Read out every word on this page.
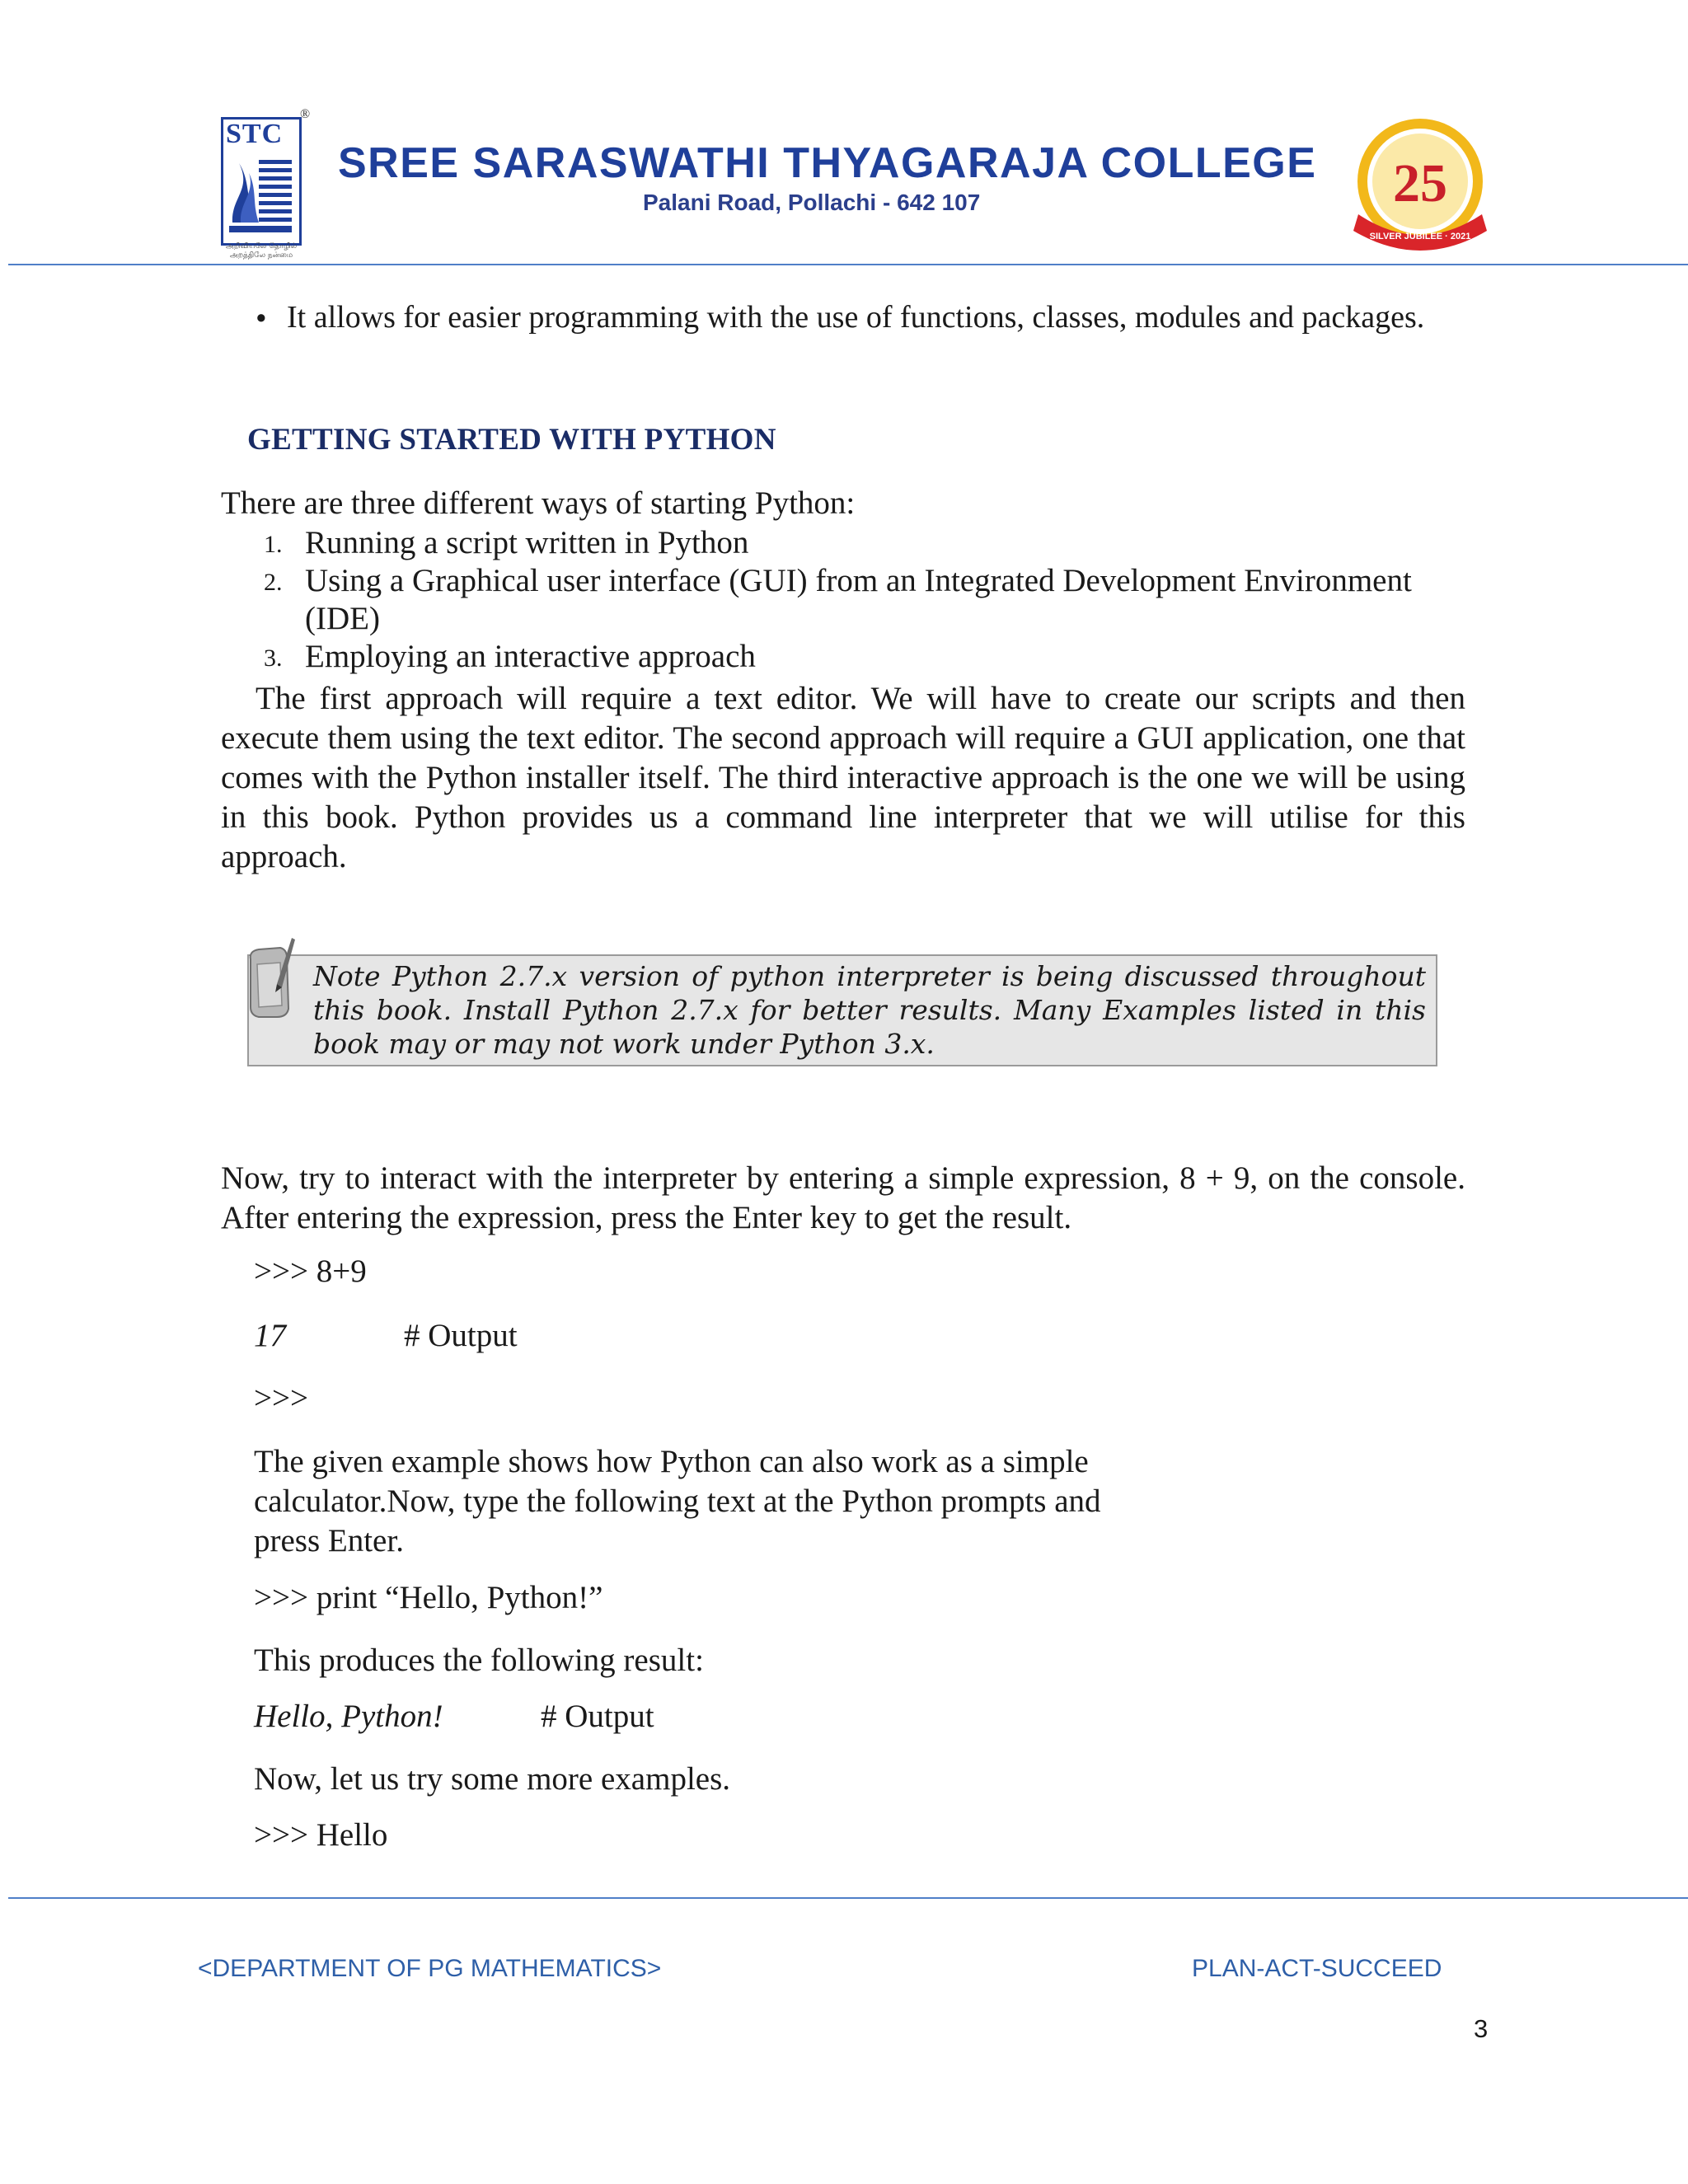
STC
®
அறிவியலே தொழில் அறத்திலே நன்மை
SREE SARASWATHI THYAGARAJA COLLEGE
Palani Road, Pollachi - 642 107	25
SILVER JUBILEE · 2021
• It allows for easier programming with the use of functions, classes, modules and packages.
GETTING STARTED WITH PYTHON
There are three different ways of starting Python:
1. Running a script written in Python
2. Using a Graphical user interface (GUI) from an Integrated Development Environment (IDE)
3. Employing an interactive approach
The first approach will require a text editor. We will have to create our scripts and then execute them using the text editor. The second approach will require a GUI application, one that comes with the Python installer itself. The third interactive approach is the one we will be using in this book. Python provides us a command line interpreter that we will utilise for this approach.
Note Python 2.7.x version of python interpreter is being discussed throughout this book. Install Python 2.7.x for better results. Many Examples listed in this book may or may not work under Python 3.x.
Now, try to interact with the interpreter by entering a simple expression, 8 + 9, on the console. After entering the expression, press the Enter key to get the result.
>>> 8+9
17	# Output
>>>
The given example shows how Python can also work as a simple calculator.Now, type the following text at the Python prompts and press Enter.
>>> print “Hello, Python!”
This produces the following result:
Hello, Python!	# Output
Now, let us try some more examples.
>>> Hello
<DEPARTMENT OF PG MATHEMATICS>	PLAN-ACT-SUCCEED
3
